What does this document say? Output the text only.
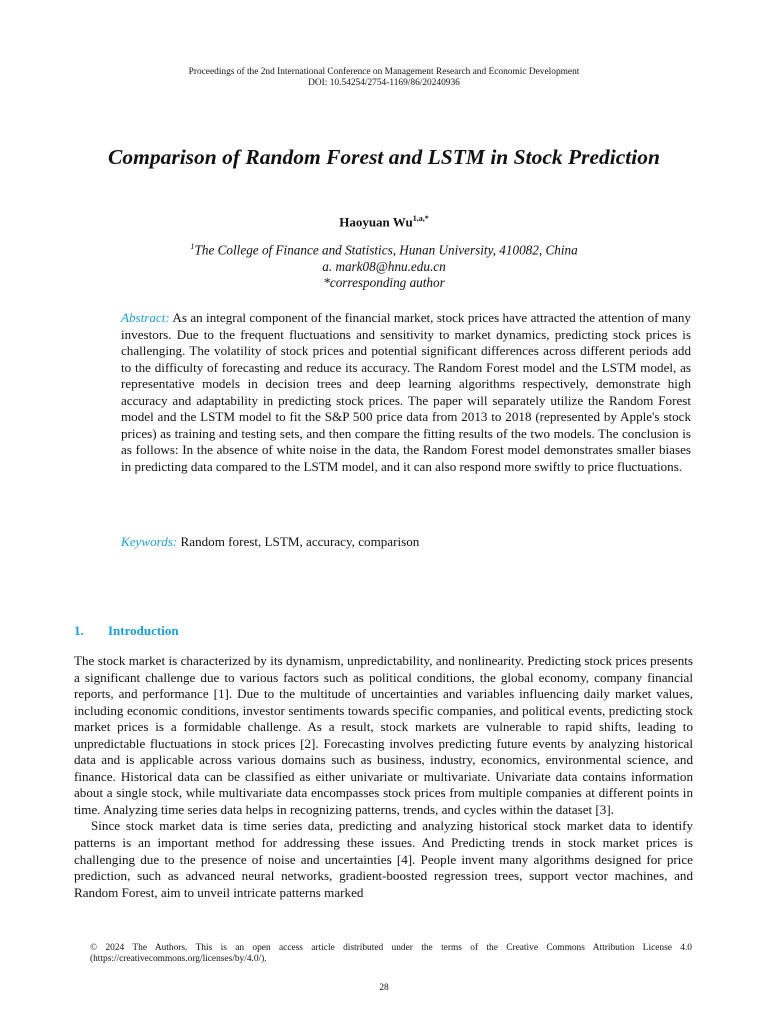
Proceedings of the 2nd International Conference on Management Research and Economic Development
DOI: 10.54254/2754-1169/86/20240936
Comparison of Random Forest and LSTM in Stock Prediction
Haoyuan $Wu^{1,a,*}$
$^1$The College of Finance and Statistics, Hunan University, 410082, China
a. mark08@hnu.edu.cn
*corresponding author
Abstract: As an integral component of the financial market, stock prices have attracted the attention of many investors. Due to the frequent fluctuations and sensitivity to market dynamics, predicting stock prices is challenging. The volatility of stock prices and potential significant differences across different periods add to the difficulty of forecasting and reduce its accuracy. The Random Forest model and the LSTM model, as representative models in decision trees and deep learning algorithms respectively, demonstrate high accuracy and adaptability in predicting stock prices. The paper will separately utilize the Random Forest model and the LSTM model to fit the S&P 500 price data from 2013 to 2018 (represented by Apple's stock prices) as training and testing sets, and then compare the fitting results of the two models. The conclusion is as follows: In the absence of white noise in the data, the Random Forest model demonstrates smaller biases in predicting data compared to the LSTM model, and it can also respond more swiftly to price fluctuations.
Keywords: Random forest, LSTM, accuracy, comparison
1. Introduction

The stock market is characterized by its dynamism, unpredictability, and nonlinearity. Predicting stock prices presents a significant challenge due to various factors such as political conditions, the global economy, company financial reports, and performance [1]. Due to the multitude of uncertainties and variables influencing daily market values, including economic conditions, investor sentiments towards specific companies, and political events, predicting stock market prices is a formidable challenge. As a result, stock markets are vulnerable to rapid shifts, leading to unpredictable fluctuations in stock prices [2]. Forecasting involves predicting future events by analyzing historical data and is applicable across various domains such as business, industry, economics, environmental science, and finance. Historical data can be classified as either univariate or multivariate. Univariate data contains information about a single stock, while multivariate data encompasses stock prices from multiple companies at different points in time. Analyzing time series data helps in recognizing patterns, trends, and cycles within the dataset [3].

Since stock market data is time series data, predicting and analyzing historical stock market data to identify patterns is an important method for addressing these issues. And Predicting trends in stock market prices is challenging due to the presence of noise and uncertainties [4]. People invent many algorithms designed for price prediction, such as advanced neural networks, gradient-boosted regression trees, support vector machines, and Random Forest, aim to unveil intricate patterns marked

© 2024 The Authors. This is an open access article distributed under the terms of the Creative Commons Attribution License 4.0 (https://creativecommons.org/licenses/by/4.0/).
28
